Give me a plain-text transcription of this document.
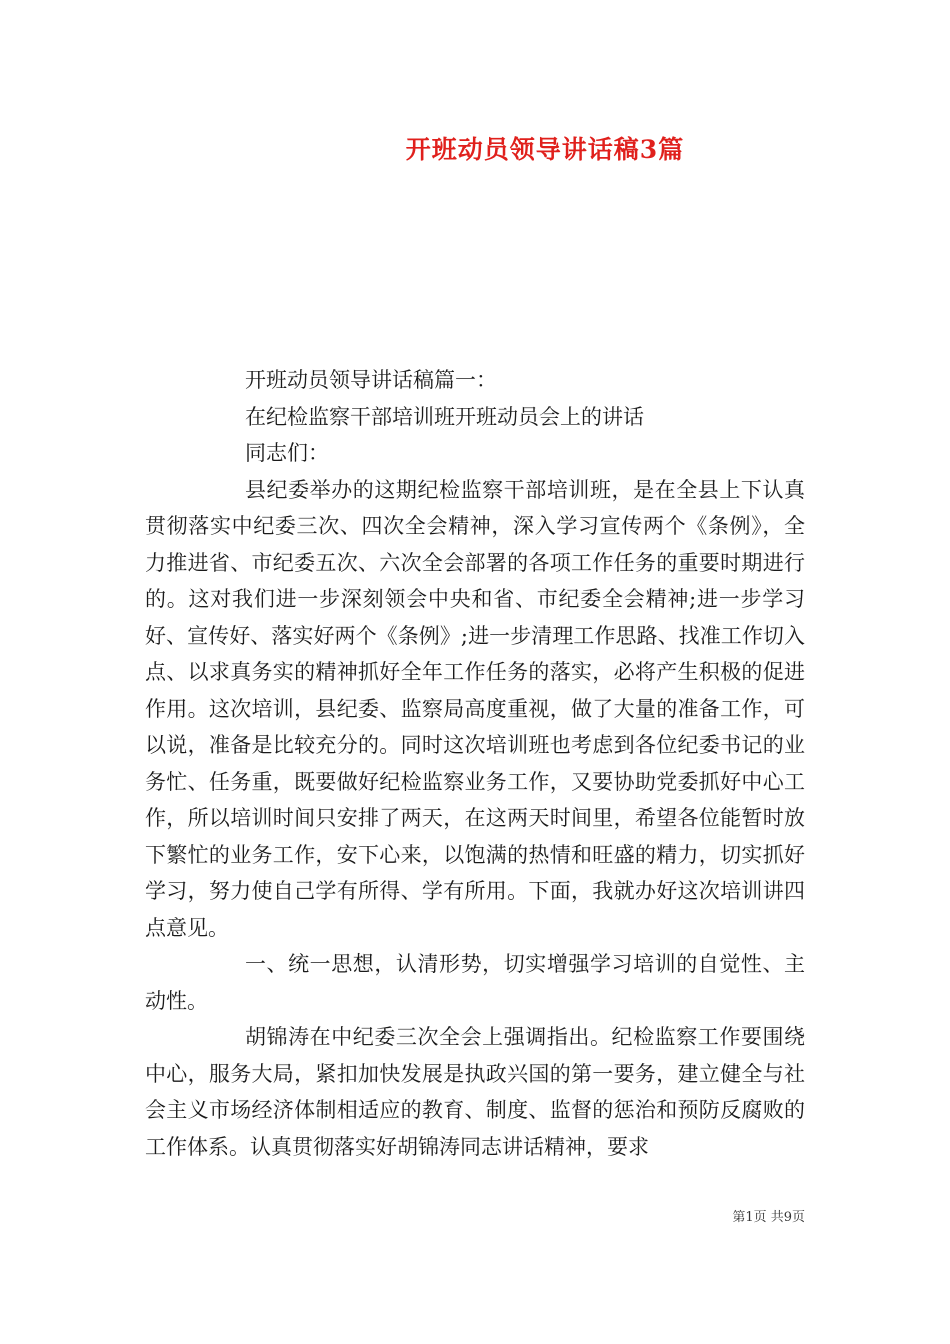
开班动员领导讲话稿3篇

开班动员领导讲话稿篇一：

在纪检监察干部培训班开班动员会上的讲话

同志们：

县纪委举办的这期纪检监察干部培训班，是在全县上下认真贯彻落实中纪委三次、四次全会精神，深入学习宣传两个《条例》，全力推进省、市纪委五次、六次全会部署的各项工作任务的重要时期进行的。这对我们进一步深刻领会中央和省、市纪委全会精神;进一步学习好、宣传好、落实好两个《条例》;进一步清理工作思路、找准工作切入点、以求真务实的精神抓好全年工作任务的落实，必将产生积极的促进作用。这次培训，县纪委、监察局高度重视，做了大量的准备工作，可以说，准备是比较充分的。同时这次培训班也考虑到各位纪委书记的业务忙、任务重，既要做好纪检监察业务工作，又要协助党委抓好中心工作，所以培训时间只安排了两天，在这两天时间里，希望各位能暂时放下繁忙的业务工作，安下心来，以饱满的热情和旺盛的精力，切实抓好学习，努力使自己学有所得、学有所用。下面，我就办好这次培训讲四点意见。

一、统一思想，认清形势，切实增强学习培训的自觉性、主动性。

胡锦涛在中纪委三次全会上强调指出。纪检监察工作要围绕中心，服务大局，紧扣加快发展是执政兴国的第一要务，建立健全与社会主义市场经济体制相适应的教育、制度、监督的惩治和预防反腐败的工作体系。认真贯彻落实好胡锦涛同志讲话精神，要求

第1页 共9页
